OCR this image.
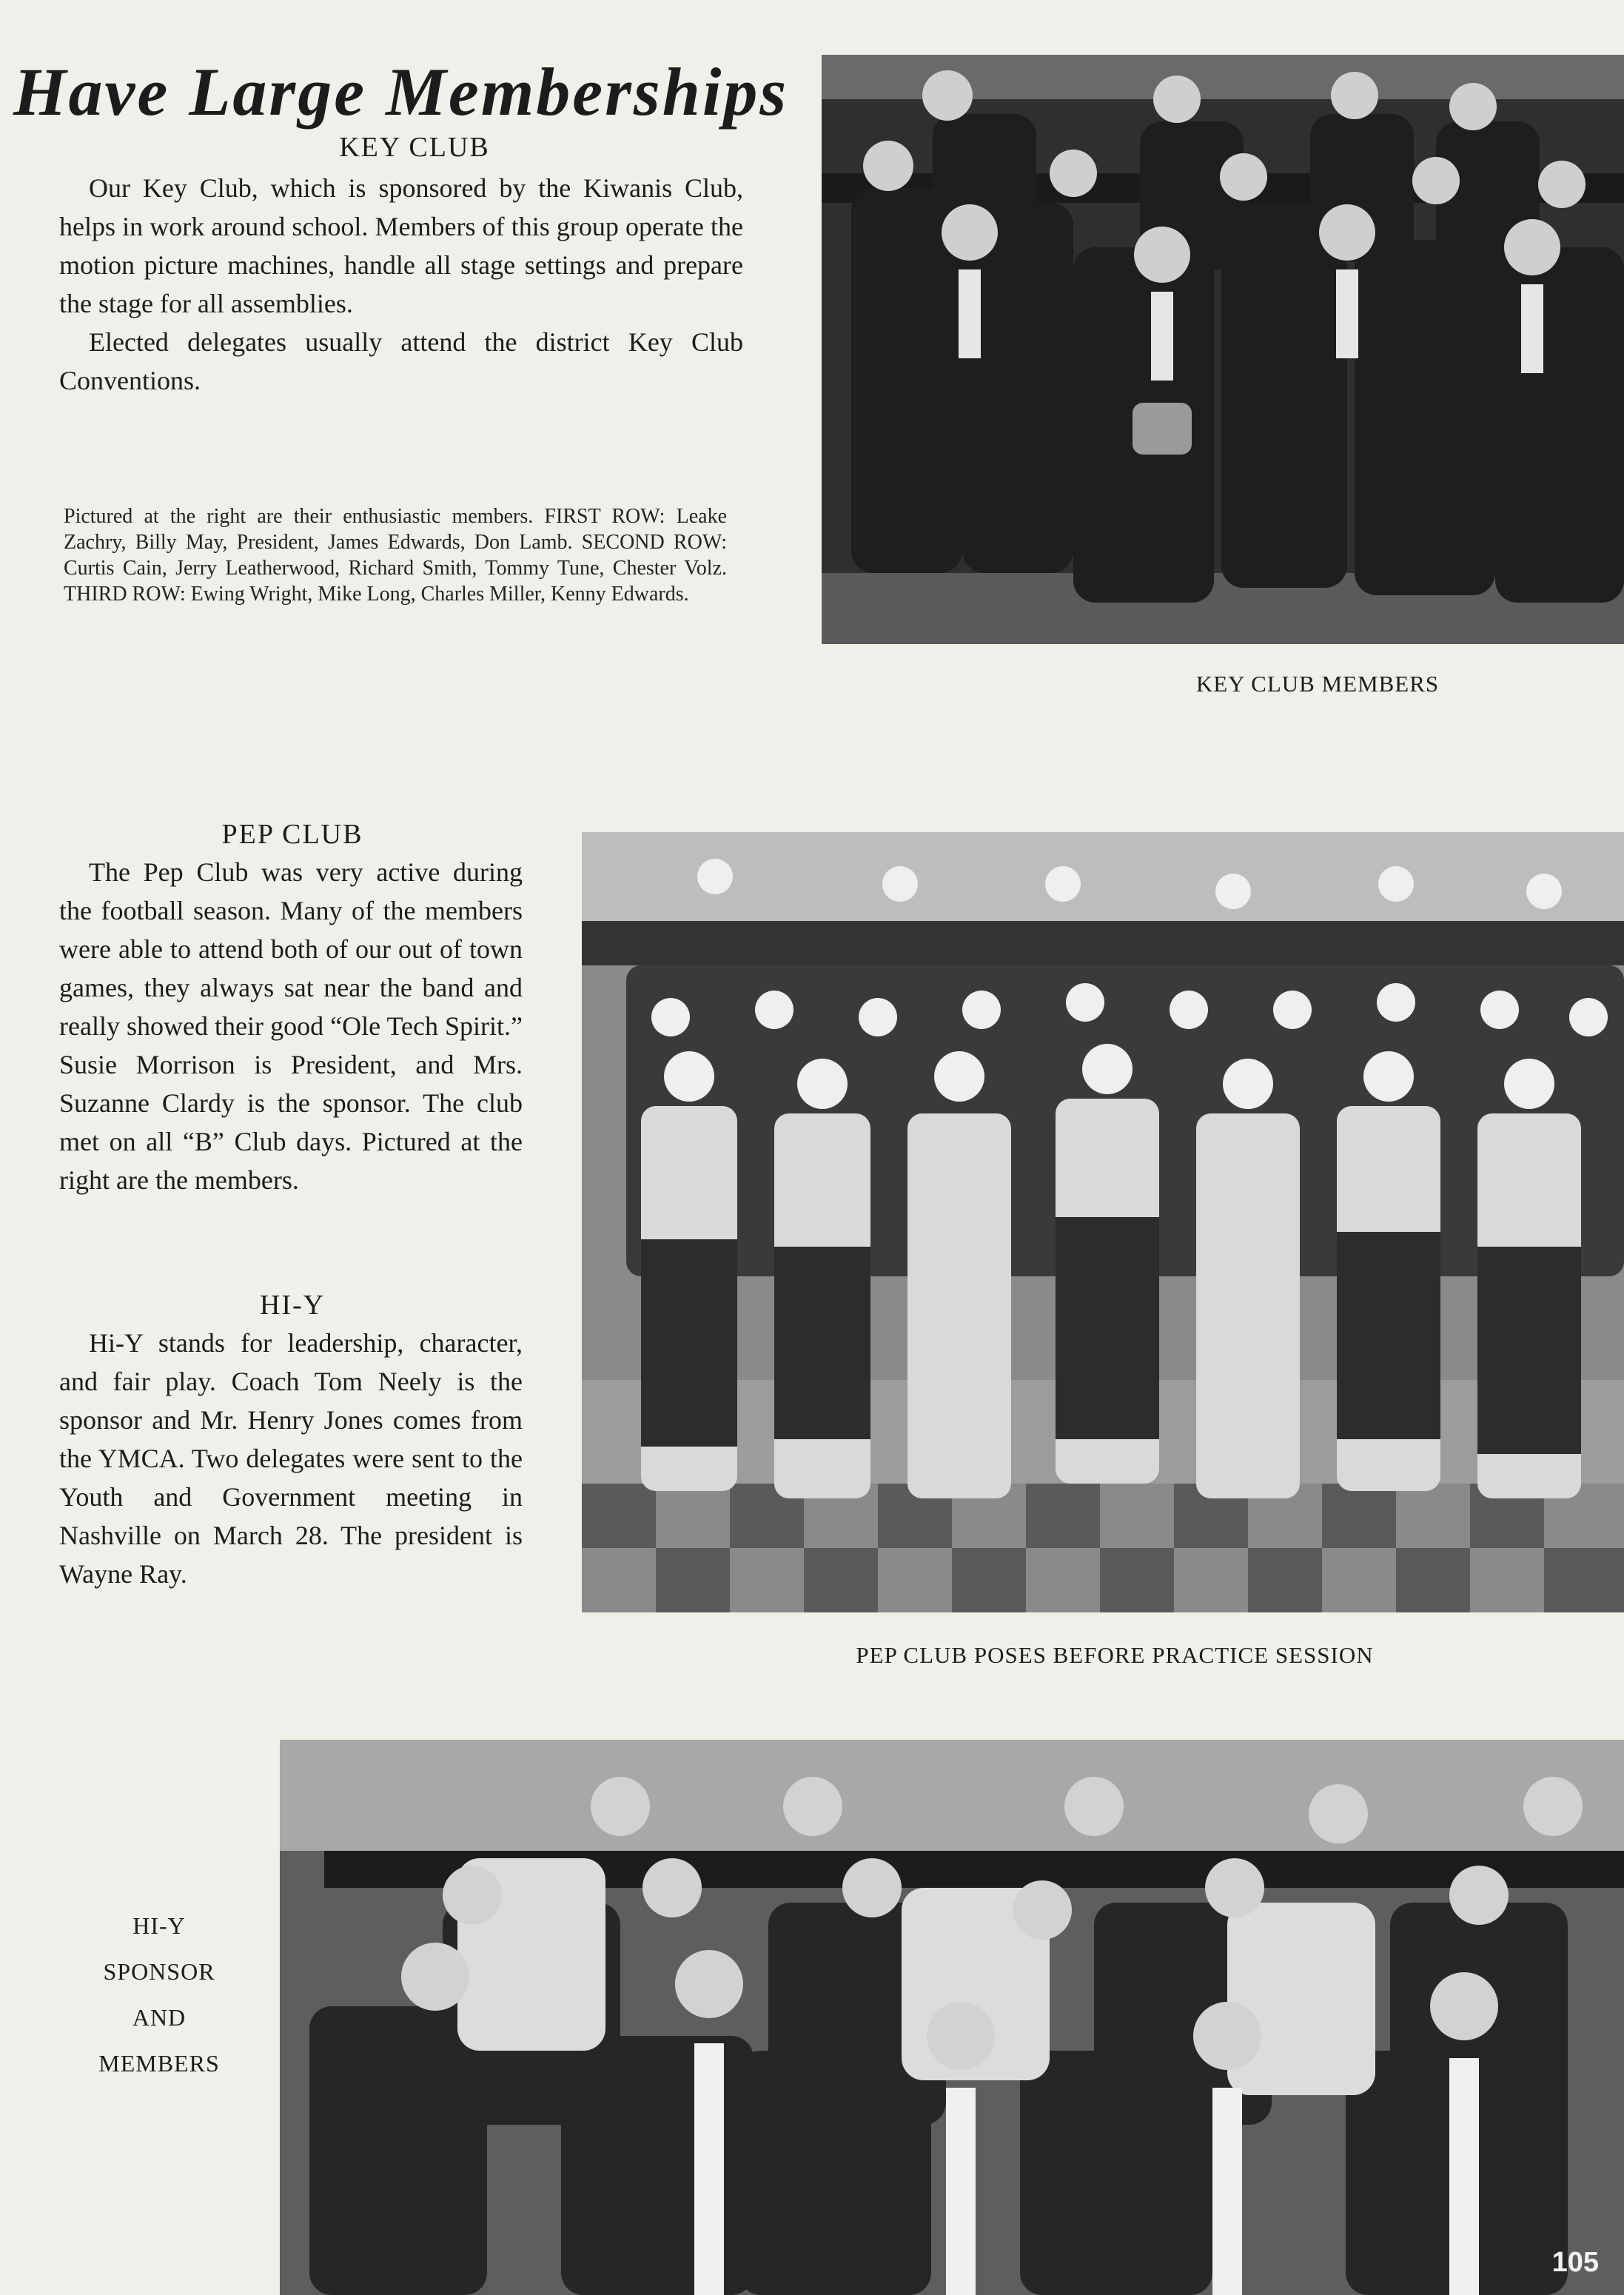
Have Large Memberships
KEY CLUB

Our Key Club, which is sponsored by the Kiwanis Club, helps in work around school. Members of this group operate the motion picture machines, handle all stage settings and prepare the stage for all assemblies.

Elected delegates usually attend the district Key Club Conventions.

Pictured at the right are their enthusiastic members. FIRST ROW: Leake Zachry, Billy May, President, James Edwards, Don Lamb. SECOND ROW: Curtis Cain, Jerry Leatherwood, Richard Smith, Tommy Tune, Chester Volz. THIRD ROW: Ewing Wright, Mike Long, Charles Miller, Kenny Edwards.
KEY CLUB MEMBERS
PEP CLUB

The Pep Club was very active during the football season. Many of the members were able to attend both of our out of town games, they always sat near the band and really showed their good “Ole Tech Spirit.” Susie Morrison is President, and Mrs. Suzanne Clardy is the sponsor. The club met on all “B” Club days. Pictured at the right are the members.

PEP CLUB POSES BEFORE PRACTICE SESSION
HI-Y

Hi-Y stands for leadership, character, and fair play. Coach Tom Neely is the sponsor and Mr. Henry Jones comes from the YMCA. Two delegates were sent to the Youth and Government meeting in Nashville on March 28. The president is Wayne Ray.

HI-Y
SPONSOR
AND
MEMBERS
105
